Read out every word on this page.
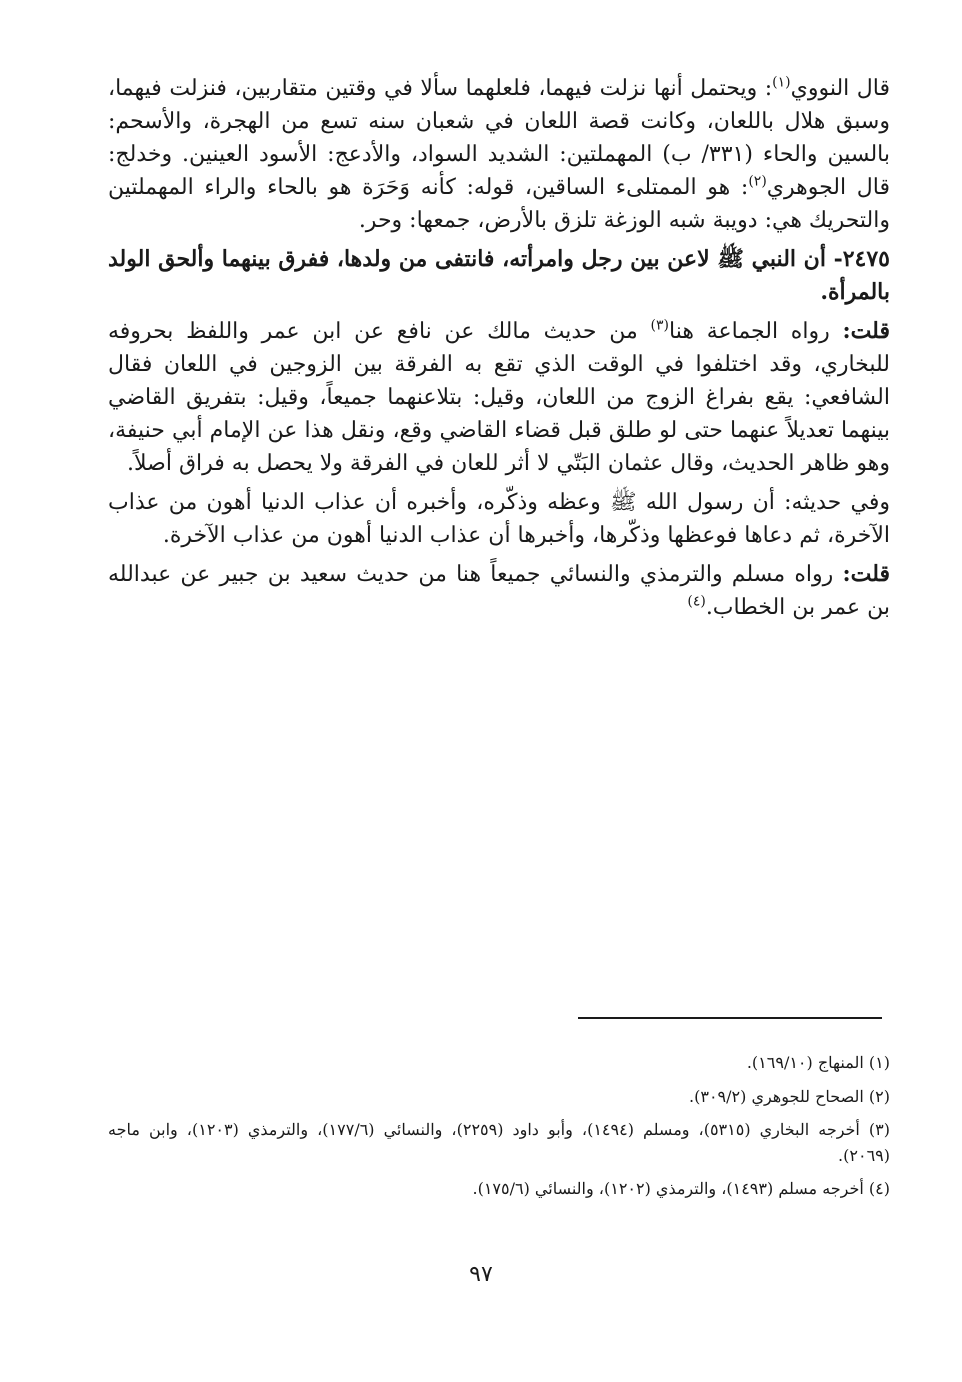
قال النووي$^{(١)}$: ويحتمل أنها نزلت فيهما، فلعلهما سألا في وقتين متقاربين، فنزلت فيهما، وسبق هلال باللعان، وكانت قصة اللعان في شعبان سنه تسع من الهجرة، والأسحم: بالسين والحاء (٣٣١/ ب) المهملتين: الشديد السواد، والأدعج: الأسود العينين. وخدلج: قال الجوهري$^{(٢)}$: هو الممتلىء الساقين، قوله: كأنه وَحَرَة هو بالحاء والراء المهملتين والتحريك هي: دويبة شبه الوزغة تلزق بالأرض، جمعها: وحر.

٢٤٧٥- أن النبي ﷺ لاعن بين رجل وامرأته، فانتفى من ولدها، ففرق بينهما وألحق الولد بالمرأة.

قلت: رواه الجماعة هنا$^{(٣)}$ من حديث مالك عن نافع عن ابن عمر واللفظ بحروفه للبخاري، وقد اختلفوا في الوقت الذي تقع به الفرقة بين الزوجين في اللعان فقال الشافعي: يقع بفراغ الزوج من اللعان، وقيل: بتلاعنهما جميعاً، وقيل: بتفريق القاضي بينهما تعديلاً عنهما حتى لو طلق قبل قضاء القاضي وقع، ونقل هذا عن الإمام أبي حنيفة، وهو ظاهر الحديث، وقال عثمان البَتّي لا أثر للعان في الفرقة ولا يحصل به فراق أصلاً.

وفي حديثه: أن رسول الله ﷺ وعظه وذكّره، وأخبره أن عذاب الدنيا أهون من عذاب الآخرة، ثم دعاها فوعظها وذكّرها، وأخبرها أن عذاب الدنيا أهون من عذاب الآخرة.

قلت: رواه مسلم والترمذي والنسائي جميعاً هنا من حديث سعيد بن جبير عن عبدالله بن عمر بن الخطاب.$^{(٤)}$

(١) المنهاج (١٦٩/١٠).

(٢) الصحاح للجوهري (٣٠٩/٢).

(٣) أخرجه البخاري (٥٣١٥)، ومسلم (١٤٩٤)، وأبو داود (٢٢٥٩)، والنسائي (١٧٧/٦)، والترمذي (١٢٠٣)، وابن ماجه (٢٠٦٩).

(٤) أخرجه مسلم (١٤٩٣)، والترمذي (١٢٠٢)، والنسائي (١٧٥/٦).

٩٧
